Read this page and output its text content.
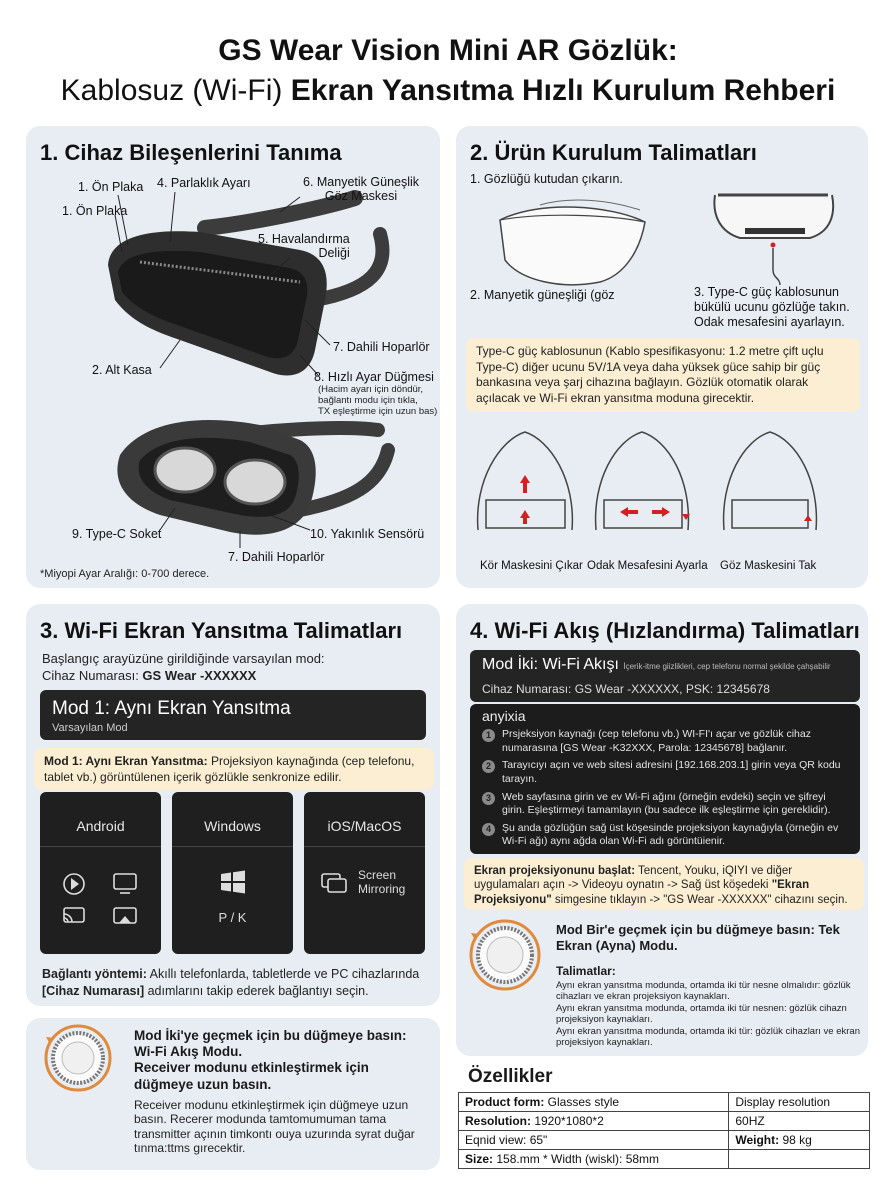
GS Wear Vision Mini AR Gözlük:
Kablosuz (Wi-Fi) Ekran Yansıtma Hızlı Kurulum Rehberi
1. Cihaz Bileşenlerini Tanıma
1. Ön Plaka
1. Ön Plaka
4. Parlaklık Ayarı	6. Manyetik Güneşlik
Göz Maskesi
5. Havalandırma
Deliği
7. Dahili Hoparlör
2. Alt Kasa	8. Hızlı Ayar Düğmesi
(Hacim ayarı için döndür,
bağlantı modu için tıkla,
TX eşleştirme için uzun bas)
9. Type-C Soket	10. Yakınlık Sensörü
7. Dahili Hoparlör
*Miyopi Ayar Aralığı: 0-700 derece.
2. Ürün Kurulum Talimatları
1. Gözlüğü kutudan çıkarın.
2. Manyetik güneşliği (göz	3. Type-C güç kablosunun
bükülü ucunu gözlüğe takın.
Odak mesafesini ayarlayın.
Type-C güç kablosunun (Kablo spesifikasyonu: 1.2 metre çift uçlu Type-C) diğer ucunu 5V/1A veya daha yüksek güce sahip bir güç bankasına veya şarj cihazına bağlayın. Gözlük otomatik olarak açılacak ve Wi-Fi ekran yansıtma moduna girecektir.
Kör Maskesini Çıkar Odak Mesafesini Ayarla Göz Maskesini Tak
3. Wi-Fi Ekran Yansıtma Talimatları
Başlangıç arayüzüne girildiğinde varsayılan mod:
Cihaz Numarası: GS Wear -XXXXXX
Mod 1: Aynı Ekran Yansıtma
Varsayılan Mod
Mod 1: Aynı Ekran Yansıtma: Projeksiyon kaynağında (cep telefonu, tablet vb.) görüntülenen içerik gözlükle senkronize edilir.
Android	Windows
P / K
iOS/MacOS
Screen
Mirroring
Bağlantı yöntemi: Akıllı telefonlarda, tabletlerde ve PC cihazlarında
[Cihaz Numarası] adımlarını takip ederek bağlantıyı seçin.
4. Wi-Fi Akış (Hızlandırma) Talimatları
Mod İki: Wi-Fi Akışı İçerik-itme giizlikleri, cep telefonu normal şekilde çahşabilir
Cihaz Numarası: GS Wear -XXXXXX, PSK: 12345678
anyixia
1	Prsjeksiyon kaynağı (cep telefonu vb.) WI-FI'ı açar ve gözlük cihaz numarasına [GS Wear -K32XXX, Parola: 12345678] bağlanır.
2	Tarayıcıyı açın ve web sitesi adresini [192.168.203.1] girin veya QR kodu tarayın.
3	Web sayfasına girin ve ev Wi-Fi ağını (örneğin evdeki) seçin ve şifreyi girin. Eşleştirmeyi tamamlayın (bu sadece ilk eşleştirme için gereklidir).
4	Şu anda gözlüğün sağ üst köşesinde projeksiyon kaynağıyla (örneğin ev Wi-Fi ağı) aynı ağda olan Wi-Fi adı görüntüienir.
Ekran projeksiyonunu başlat: Tencent, Youku, iQIYI ve diğer uygulamaları açın -> Videoyu oynatın -> Sağ üst köşedeki "Ekran Projeksiyonu" simgesine tıklayın -> "GS Wear -XXXXXX" cihazını seçin.
Mod Bir'e geçmek için bu düğmeye basın: Tek Ekran (Ayna) Modu.
Talimatlar:
Aynı ekran yansıtma modunda, ortamda iki tür nesne olmalıdır: gözlük cihazları ve ekran projeksiyon kaynakları.
Aynı ekran yansıtma modunda, ortamda iki tür nesnen: gözlük cihazn projeksiyon kaynakları.
Aynı ekran yansıtma modunda, ortamda iki tür: gözlük cihazları ve ekran projeksiyon kaynakları.
Mod İki'ye geçmek için bu düğmeye basın:
Wi-Fi Akış Modu.
Receiver modunu etkinleştirmek için
düğmeye uzun basın.
Receiver modunu etkinleştirmek için düğmeye uzun basın. Recerer modunda tamtomumuman tama transmitter açının timkontı ouya uzurında syrat duğar tınma:ttms gırecektir.
Özellikler
Product form: Glasses style	Display resolution
Resolution: 1920*1080*2	60HZ
Eqnid view: 65"	Weight: 98 kg
Size: 158.mm * Width (wiskl): 58mm	
